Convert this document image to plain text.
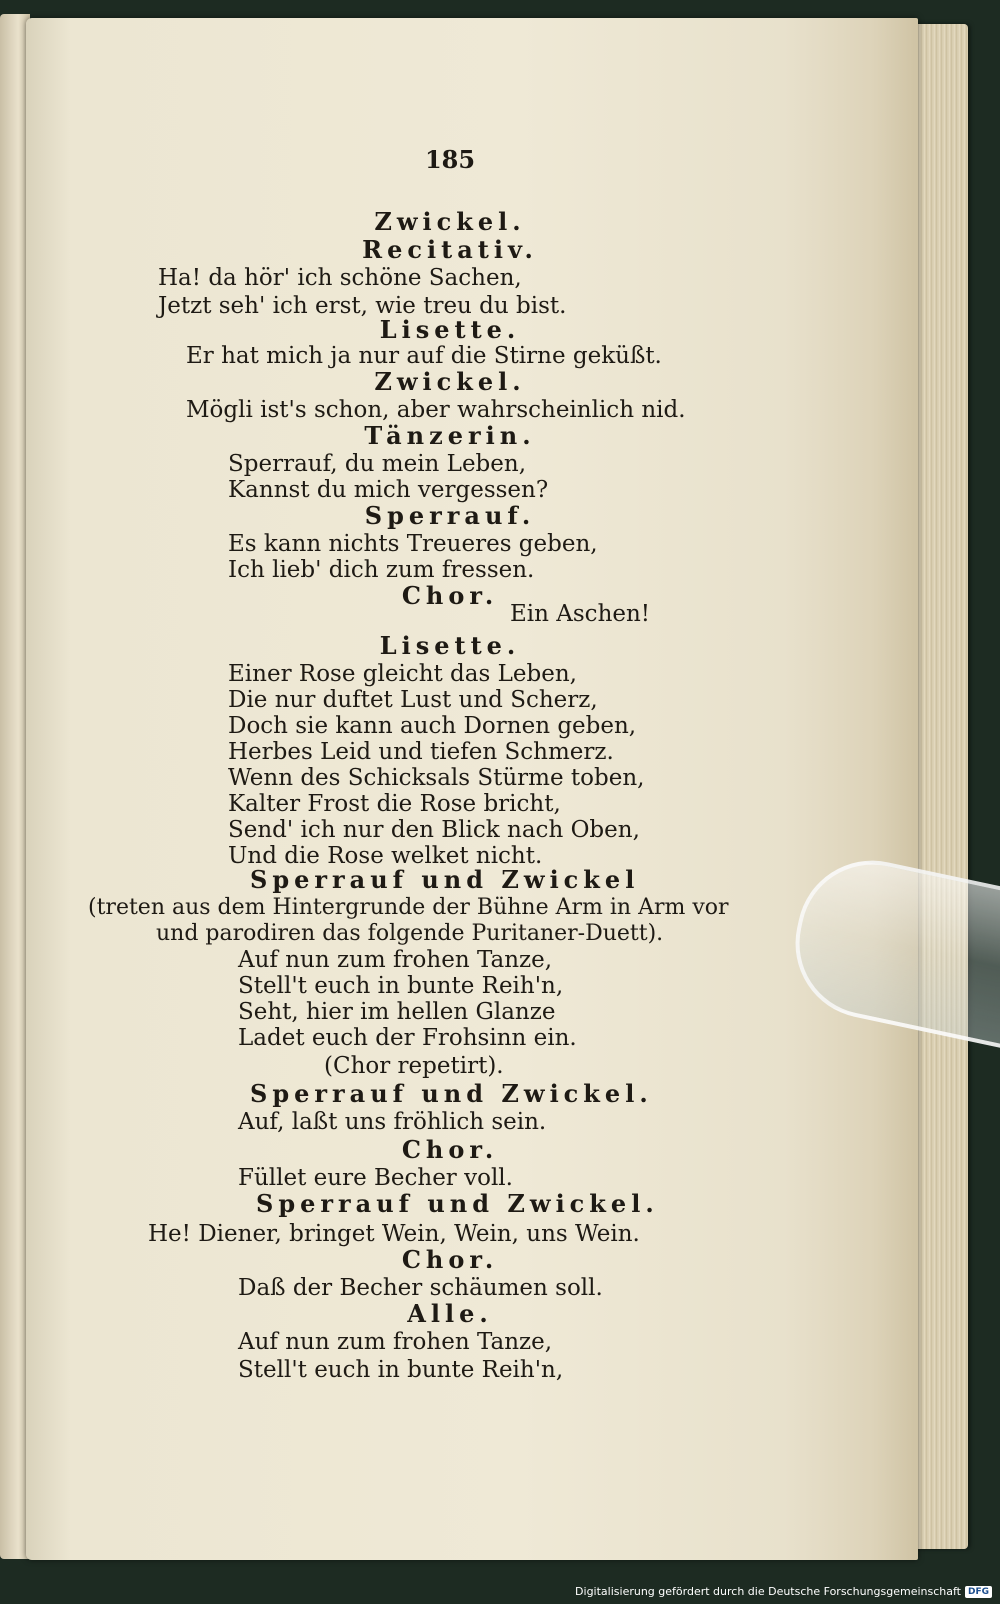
185
Zwickel.
Recitativ.
Ha! da hör' ich schöne Sachen,
Jetzt seh' ich erst, wie treu du bist.
Lisette.
Er hat mich ja nur auf die Stirne geküßt.
Zwickel.
Mögli ist's schon, aber wahrscheinlich nid.
Tänzerin.
Sperrauf, du mein Leben,
Kannst du mich vergessen?
Sperrauf.
Es kann nichts Treueres geben,
Ich lieb' dich zum fressen.
Chor.
Ein Aschen!
Lisette.
Einer Rose gleicht das Leben,
Die nur duftet Lust und Scherz,
Doch sie kann auch Dornen geben,
Herbes Leid und tiefen Schmerz.
Wenn des Schicksals Stürme toben,
Kalter Frost die Rose bricht,
Send' ich nur den Blick nach Oben,
Und die Rose welket nicht.
Sperrauf und Zwickel
(treten aus dem Hintergrunde der Bühne Arm in Arm vor
und parodiren das folgende Puritaner-Duett).
Auf nun zum frohen Tanze,
Stell't euch in bunte Reih'n,
Seht, hier im hellen Glanze
Ladet euch der Frohsinn ein.
(Chor repetirt).
Sperrauf und Zwickel.
Auf, laßt uns fröhlich sein.
Chor.
Füllet eure Becher voll.
Sperrauf und Zwickel.
He! Diener, bringet Wein, Wein, uns Wein.
Chor.
Daß der Becher schäumen soll.
Alle.
Auf nun zum frohen Tanze,
Stell't euch in bunte Reih'n,
Digitalisierung gefördert durch die Deutsche Forschungsgemeinschaft DFG
